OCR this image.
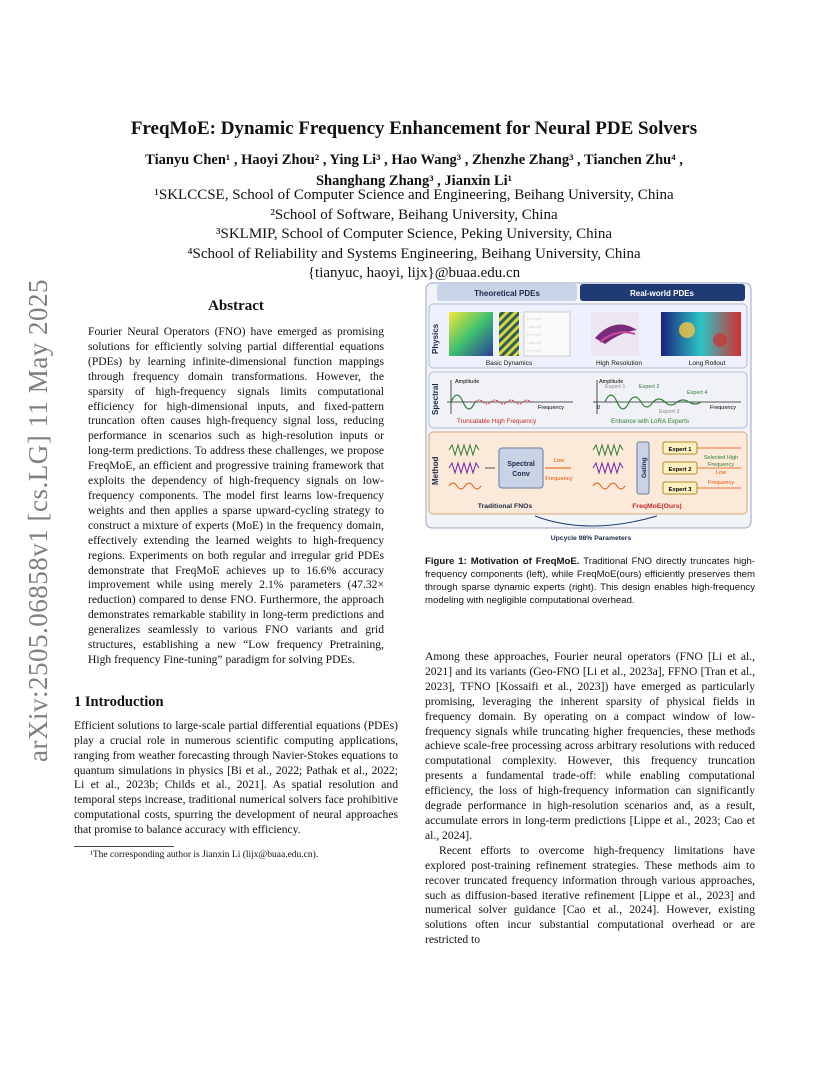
arXiv:2505.06858v1 [cs.LG] 11 May 2025
FreqMoE: Dynamic Frequency Enhancement for Neural PDE Solvers
Tianyu Chen¹ , Haoyi Zhou² , Ying Li³ , Hao Wang³ , Zhenzhe Zhang³ , Tianchen Zhu⁴ ,
Shanghang Zhang³ , Jianxin Li¹
¹SKLCCSE, School of Computer Science and Engineering, Beihang University, China
²School of Software, Beihang University, China
³SKLMIP, School of Computer Science, Peking University, China
⁴School of Reliability and Systems Engineering, Beihang University, China
{tianyuc, haoyi, lijx}@buaa.edu.cn
Abstract

Fourier Neural Operators (FNO) have emerged as promising solutions for efficiently solving partial differential equations (PDEs) by learning infinite-dimensional function mappings through frequency domain transformations. However, the sparsity of high-frequency signals limits computational efficiency for high-dimensional inputs, and fixed-pattern truncation often causes high-frequency signal loss, reducing performance in scenarios such as high-resolution inputs or long-term predictions. To address these challenges, we propose FreqMoE, an efficient and progressive training framework that exploits the dependency of high-frequency signals on low-frequency components. The model first learns low-frequency weights and then applies a sparse upward-cycling strategy to construct a mixture of experts (MoE) in the frequency domain, effectively extending the learned weights to high-frequency regions. Experiments on both regular and irregular grid PDEs demonstrate that FreqMoE achieves up to 16.6% accuracy improvement while using merely 2.1% parameters (47.32× reduction) compared to dense FNO. Furthermore, the approach demonstrates remarkable stability in long-term predictions and generalizes seamlessly to various FNO variants and grid structures, establishing a new “Low frequency Pretraining, High frequency Fine-tuning” paradigm for solving PDEs.

1 Introduction

Efficient solutions to large-scale partial differential equations (PDEs) play a crucial role in numerous scientific computing applications, ranging from weather forecasting through Navier-Stokes equations to quantum simulations in physics [Bi et al., 2022; Pathak et al., 2022; Li et al., 2023b; Childs et al., 2021]. As spatial resolution and temporal steps increase, traditional numerical solvers face prohibitive computational costs, spurring the development of neural approaches that promise to balance accuracy with efficiency.

¹The corresponding author is Jianxin Li (lijx@buaa.edu.cn).
Theoretical PDEs	Real-world PDEs
Physics
:·.·:·.:·.·:
·.:·.:·.·:·.
:·.·:·.:·.·:
·.:·.:·.·:·.
:·.·:·.:·.·:
Basic Dynamics	High Resolution	Long Rollout
Spectral
Amplitude
Frequency
Truncatable High Frequency
Amplitude
0	Frequency
Expert 1 Expert 2
Expert 4
Expert 3
Enhance with LoRA Experts
Method	Spectral
Conv
Low
Frequency
Traditional FNOs
Gating
Expert 1
Expert 2
Expert 3
Selected High
Frequency
Low
Frequency
FreqMoE(Ours)
Upcycle 98% Parameters
Figure 1: Motivation of FreqMoE. Traditional FNO directly truncates high-frequency components (left), while FreqMoE(ours) efficiently preserves them through sparse dynamic experts (right). This design enables high-frequency modeling with negligible computational overhead.

Among these approaches, Fourier neural operators (FNO [Li et al., 2021] and its variants (Geo-FNO [Li et al., 2023a], FFNO [Tran et al., 2023], TFNO [Kossaifi et al., 2023]) have emerged as particularly promising, leveraging the inherent sparsity of physical fields in frequency domain. By operating on a compact window of low-frequency signals while truncating higher frequencies, these methods achieve scale-free processing across arbitrary resolutions with reduced computational complexity. However, this frequency truncation presents a fundamental trade-off: while enabling computational efficiency, the loss of high-frequency information can significantly degrade performance in high-resolution scenarios and, as a result, accumulate errors in long-term predictions [Lippe et al., 2023; Cao et al., 2024].

Recent efforts to overcome high-frequency limitations have explored post-training refinement strategies. These methods aim to recover truncated frequency information through various approaches, such as diffusion-based iterative refinement [Lippe et al., 2023] and numerical solver guidance [Cao et al., 2024]. However, existing solutions often incur substantial computational overhead or are restricted to
